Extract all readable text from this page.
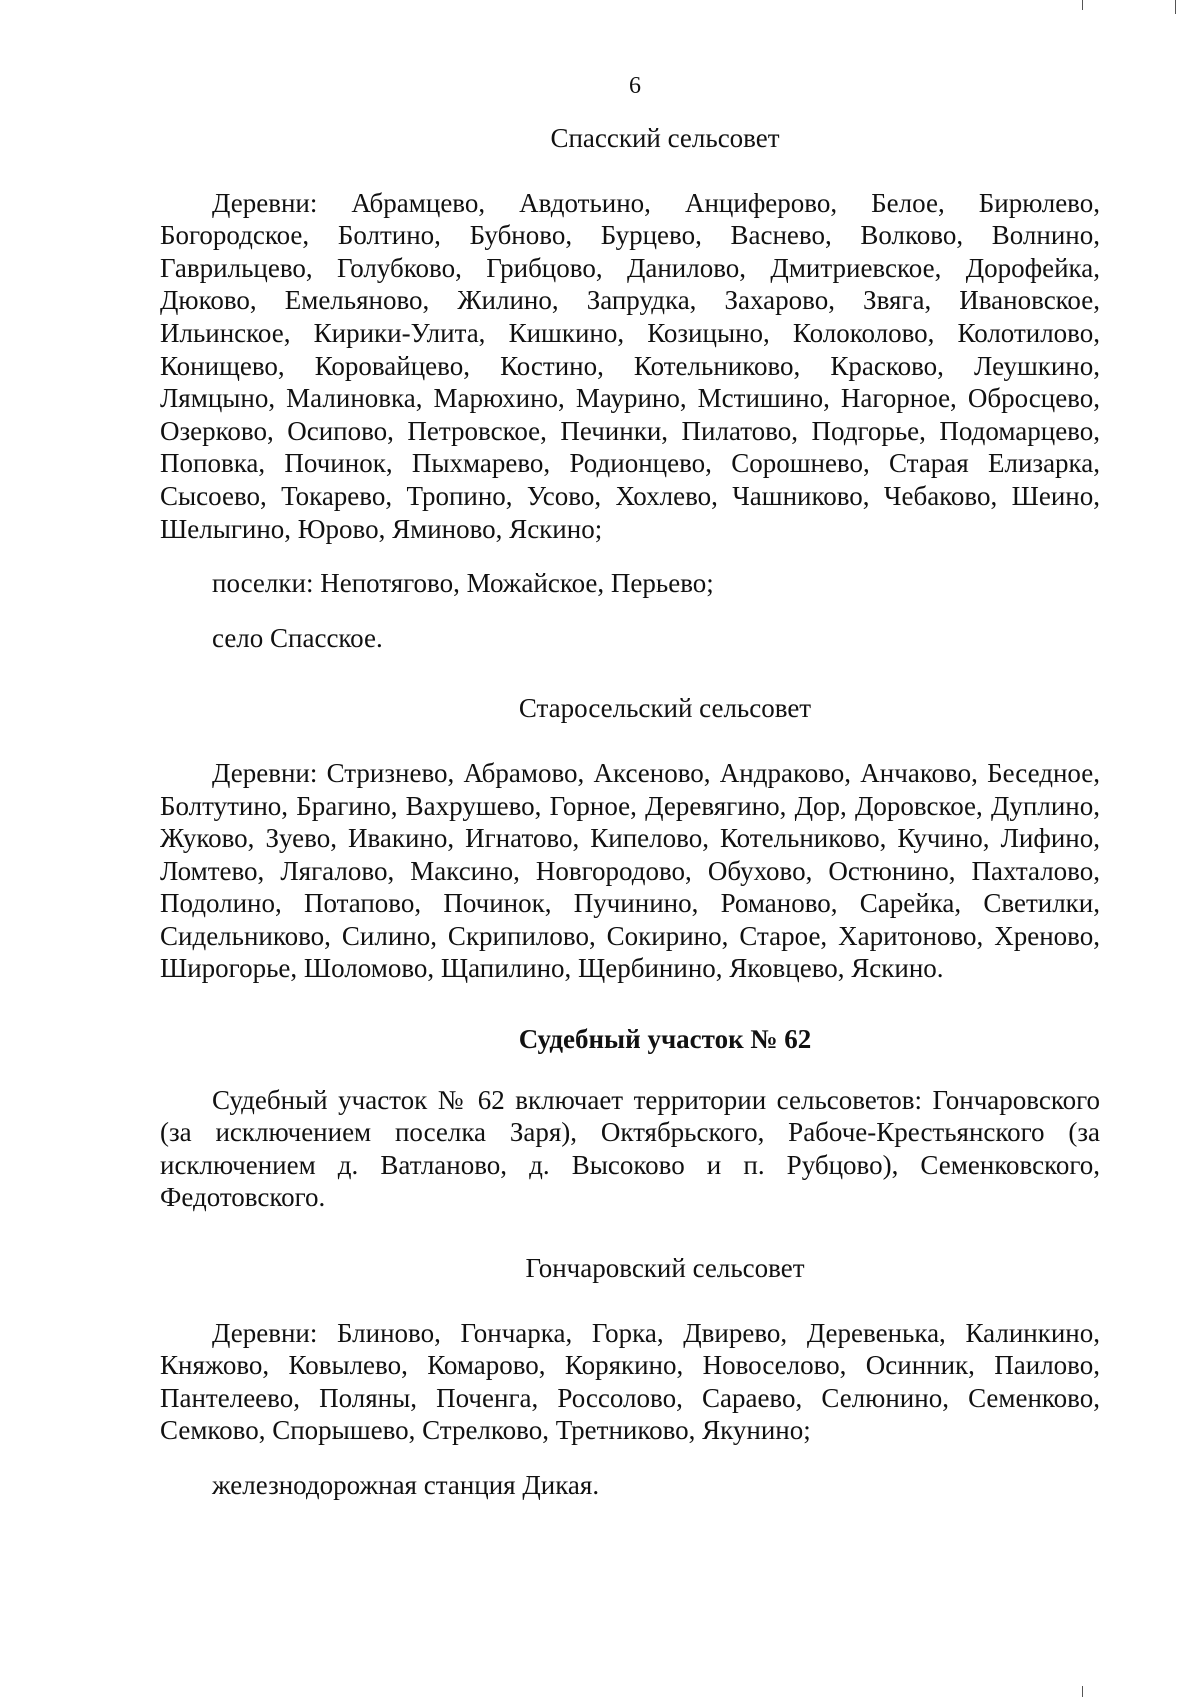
6

Спасский сельсовет

Деревни: Абрамцево, Авдотьино, Анциферово, Белое, Бирюлево, Богородское, Болтино, Бубново, Бурцево, Васнево, Волково, Волнино, Гаврильцево, Голубково, Грибцово, Данилово, Дмитриевское, Дорофейка, Дюково, Емельяново, Жилино, Запрудка, Захарово, Звяга, Ивановское, Ильинское, Кирики-Улита, Кишкино, Козицыно, Колоколово, Колотилово, Конищево, Коровайцево, Костино, Котельниково, Красково, Леушкино, Лямцыно, Малиновка, Марюхино, Маурино, Мстишино, Нагорное, Обросцево, Озерково, Осипово, Петровское, Печинки, Пилатово, Подгорье, Подомарцево, Поповка, Починок, Пыхмарево, Родионцево, Сорошнево, Старая Елизарка, Сысоево, Токарево, Тропино, Усово, Хохлево, Чашниково, Чебаково, Шеино, Шелыгино, Юрово, Яминово, Яскино;

поселки: Непотягово, Можайское, Перьево;

село Спасское.

Старосельский сельсовет

Деревни: Стризнево, Абрамово, Аксеново, Андраково, Анчаково, Беседное, Болтутино, Брагино, Вахрушево, Горное, Деревягино, Дор, Доровское, Дуплино, Жуково, Зуево, Ивакино, Игнатово, Кипелово, Котельниково, Кучино, Лифино, Ломтево, Лягалово, Максино, Новгородово, Обухово, Остюнино, Пахталово, Подолино, Потапово, Починок, Пучинино, Романово, Сарейка, Светилки, Сидельниково, Силино, Скрипилово, Сокирино, Старое, Харитоново, Хреново, Широгорье, Шоломово, Щапилино, Щербинино, Яковцево, Яскино.

Судебный участок № 62

Судебный участок № 62 включает территории сельсоветов: Гончаровского (за исключением поселка Заря), Октябрьского, Рабоче-Крестьянского (за исключением д. Ватланово, д. Высоково и п. Рубцово), Семенковского, Федотовского.

Гончаровский сельсовет

Деревни: Блиново, Гончарка, Горка, Двирево, Деревенька, Калинкино, Княжово, Ковылево, Комарово, Корякино, Новоселово, Осинник, Паилово, Пантелеево, Поляны, Поченга, Россолово, Сараево, Селюнино, Семенково, Семково, Спорышево, Стрелково, Третниково, Якунино;

железнодорожная станция Дикая.
